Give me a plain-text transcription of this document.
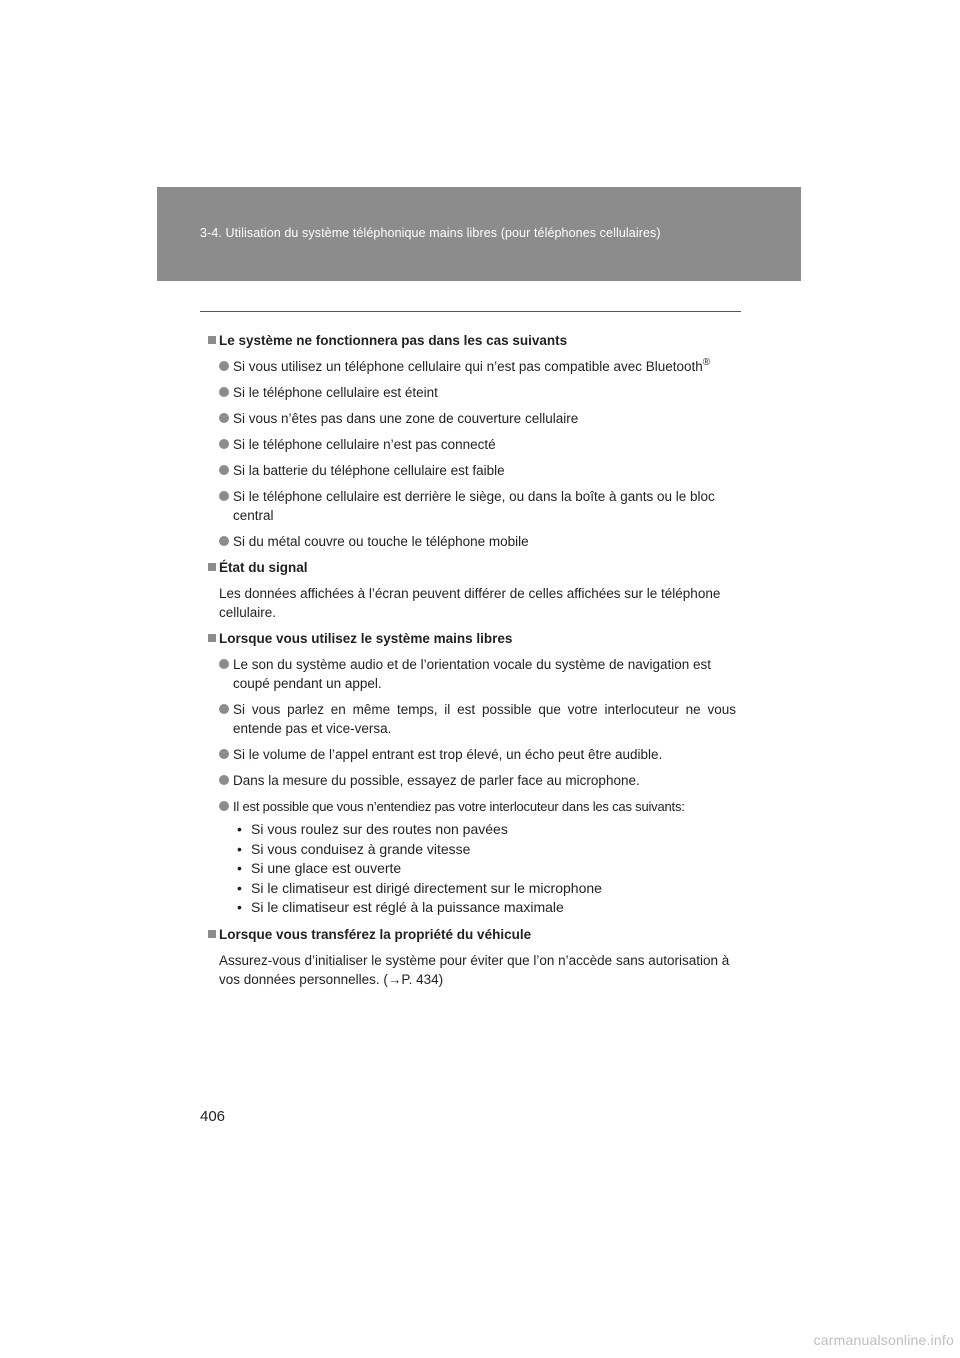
3-4. Utilisation du système téléphonique mains libres (pour téléphones cellulaires)
Le système ne fonctionnera pas dans les cas suivants
Si vous utilisez un téléphone cellulaire qui n’est pas compatible avec Bluetooth®
Si le téléphone cellulaire est éteint
Si vous n’êtes pas dans une zone de couverture cellulaire
Si le téléphone cellulaire n’est pas connecté
Si la batterie du téléphone cellulaire est faible
Si le téléphone cellulaire est derrière le siège, ou dans la boîte à gants ou le bloc central
Si du métal couvre ou touche le téléphone mobile
État du signal
Les données affichées à l’écran peuvent différer de celles affichées sur le téléphone cellulaire.
Lorsque vous utilisez le système mains libres
Le son du système audio et de l’orientation vocale du système de navigation est coupé pendant un appel.
Si vous parlez en même temps, il est possible que votre interlocuteur ne vous entende pas et vice-versa.
Si le volume de l’appel entrant est trop élevé, un écho peut être audible.
Dans la mesure du possible, essayez de parler face au microphone.
Il est possible que vous n’entendiez pas votre interlocuteur dans les cas suivants:
• Si vous roulez sur des routes non pavées
• Si vous conduisez à grande vitesse
• Si une glace est ouverte
• Si le climatiseur est dirigé directement sur le microphone
• Si le climatiseur est réglé à la puissance maximale
Lorsque vous transférez la propriété du véhicule
Assurez-vous d’initialiser le système pour éviter que l’on n’accède sans autorisation à vos données personnelles. (→P. 434)
406
carmanualsonline.info
